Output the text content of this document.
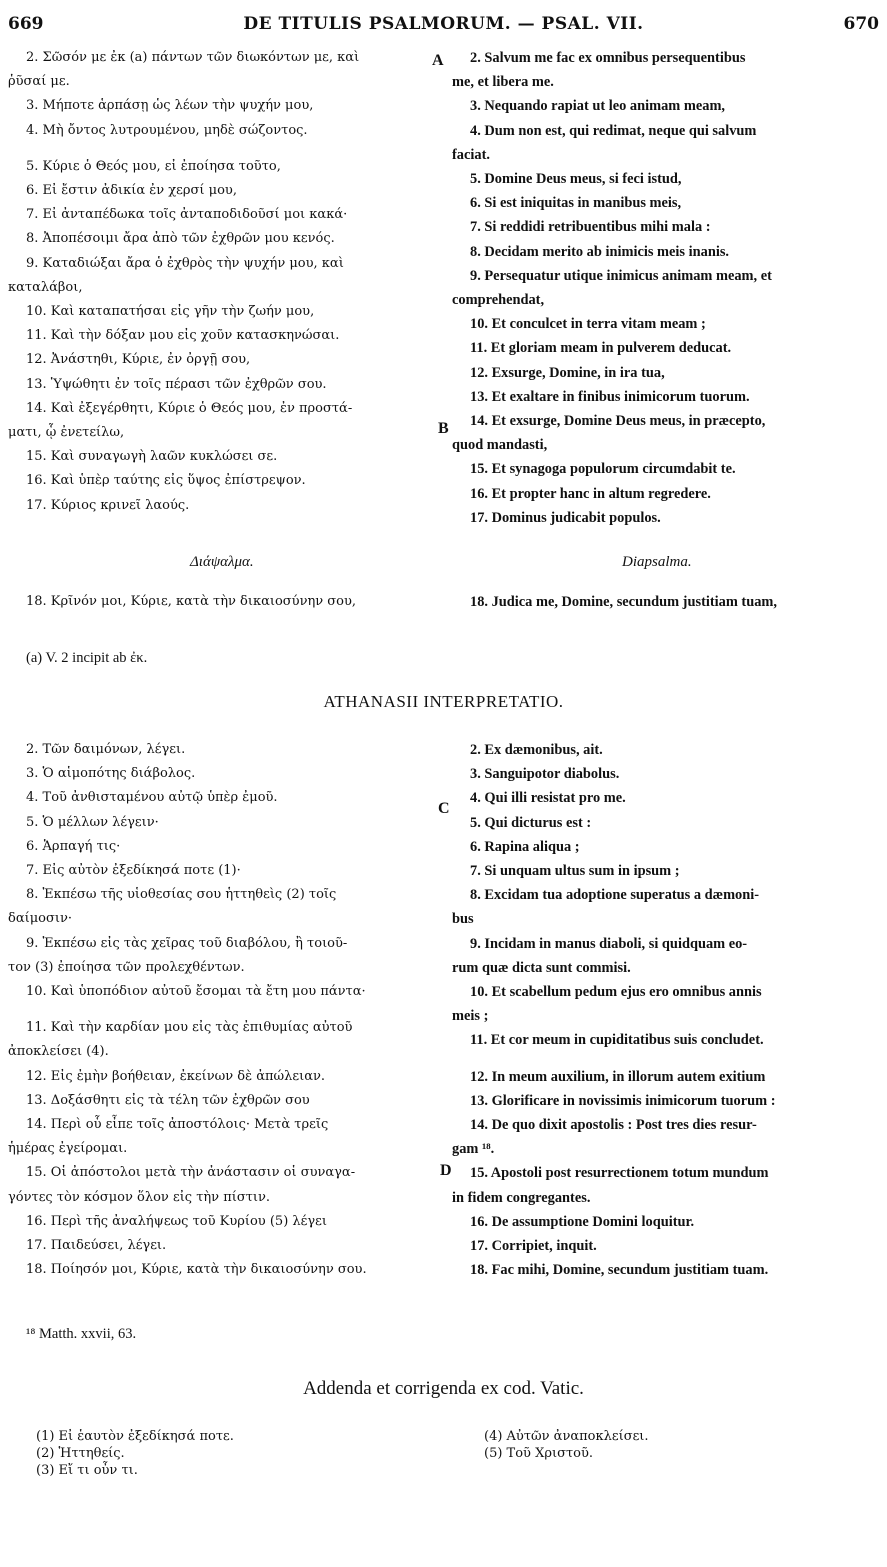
669	DE TITULIS PSALMORUM. — PSAL. VII.	670
2. Σῶσόν με ἐκ (a) πάντων τῶν διωκόντων με, καὶ
ῥῦσαί με.
3. Μήποτε ἁρπάσῃ ὡς λέων τὴν ψυχήν μου,
4. Μὴ ὄντος λυτρουμένου, μηδὲ σώζοντος.
5. Κύριε ὁ Θεός μου, εἰ ἐποίησα τοῦτο,
6. Εἰ ἔστιν ἀδικία ἐν χερσί μου,
7. Εἰ ἀνταπέδωκα τοῖς ἀνταποδιδοῦσί μοι κακά·
8. Ἀποπέσοιμι ἄρα ἀπὸ τῶν ἐχθρῶν μου κενός.
9. Καταδιώξαι ἄρα ὁ ἐχθρὸς τὴν ψυχήν μου, καὶ
καταλάβοι,
10. Καὶ καταπατήσαι εἰς γῆν τὴν ζωήν μου,
11. Καὶ τὴν δόξαν μου εἰς χοῦν κατασκηνώσαι.
12. Ἀνάστηθι, Κύριε, ἐν ὀργῇ σου,
13. Ὑψώθητι ἐν τοῖς πέρασι τῶν ἐχθρῶν σου.
14. Καὶ ἐξεγέρθητι, Κύριε ὁ Θεός μου, ἐν προστά-
ματι, ᾧ ἐνετείλω,
15. Καὶ συναγωγὴ λαῶν κυκλώσει σε.
16. Καὶ ὑπὲρ ταύτης εἰς ὕψος ἐπίστρεψον.
17. Κύριος κρινεῖ λαούς.
2. Salvum me fac ex omnibus persequentibus
me, et libera me.
3. Nequando rapiat ut leo animam meam,
4. Dum non est, qui redimat, neque qui salvum
faciat.
5. Domine Deus meus, si feci istud,
6. Si est iniquitas in manibus meis,
7. Si reddidi retribuentibus mihi mala :
8. Decidam merito ab inimicis meis inanis.
9. Persequatur utique inimicus animam meam, et
comprehendat,
10. Et conculcet in terra vitam meam ;
11. Et gloriam meam in pulverem deducat.
12. Exsurge, Domine, in ira tua,
13. Et exaltare in finibus inimicorum tuorum.
14. Et exsurge, Domine Deus meus, in præcepto,
quod mandasti,
15. Et synagoga populorum circumdabit te.
16. Et propter hanc in altum regredere.
17. Dominus judicabit populos.
A
B
Διάψαλμα.	Diapsalma.
18. Κρῖνόν μοι, Κύριε, κατὰ τὴν δικαιοσύνην σου,	18. Judica me, Domine, secundum justitiam tuam,
(a) V. 2 incipit ab ἐκ.
ATHANASII INTERPRETATIO.
2. Τῶν δαιμόνων, λέγει.
3. Ὁ αἱμοπότης διάβολος.
4. Τοῦ ἀνθισταμένου αὐτῷ ὑπὲρ ἐμοῦ.
5. Ὁ μέλλων λέγειν·
6. Ἁρπαγή τις·
7. Εἰς αὐτὸν ἐξεδίκησά ποτε (1)·
8. Ἐκπέσω τῆς υἱοθεσίας σου ἡττηθεὶς (2) τοῖς
δαίμοσιν·
9. Ἐκπέσω εἰς τὰς χεῖρας τοῦ διαβόλου, ἢ τοιοῦ-
τον (3) ἐποίησα τῶν προλεχθέντων.
10. Καὶ ὑποπόδιον αὐτοῦ ἔσομαι τὰ ἔτη μου πάντα·
11. Καὶ τὴν καρδίαν μου εἰς τὰς ἐπιθυμίας αὐτοῦ
ἀποκλείσει (4).
12. Εἰς ἐμὴν βοήθειαν, ἐκείνων δὲ ἀπώλειαν.
13. Δοξάσθητι εἰς τὰ τέλη τῶν ἐχθρῶν σου
14. Περὶ οὗ εἶπε τοῖς ἀποστόλοις· Μετὰ τρεῖς
ἡμέρας ἐγείρομαι.
15. Οἱ ἀπόστολοι μετὰ τὴν ἀνάστασιν οἱ συναγα-
γόντες τὸν κόσμον ὅλον εἰς τὴν πίστιν.
16. Περὶ τῆς ἀναλήψεως τοῦ Κυρίου (5) λέγει
17. Παιδεύσει, λέγει.
18. Ποίησόν μοι, Κύριε, κατὰ τὴν δικαιοσύνην σου.
2. Ex dæmonibus, ait.
3. Sanguipotor diabolus.
4. Qui illi resistat pro me.
5. Qui dicturus est :
6. Rapina aliqua ;
7. Si unquam ultus sum in ipsum ;
8. Excidam tua adoptione superatus a dæmoni-
bus
9. Incidam in manus diaboli, si quidquam eo-
rum quæ dicta sunt commisi.
10. Et scabellum pedum ejus ero omnibus annis
meis ;
11. Et cor meum in cupiditatibus suis concludet.
12. In meum auxilium, in illorum autem exitium
13. Glorificare in novissimis inimicorum tuorum :
14. De quo dixit apostolis : Post tres dies resur-
gam ¹⁸.
15. Apostoli post resurrectionem totum mundum
in fidem congregantes.
16. De assumptione Domini loquitur.
17. Corripiet, inquit.
18. Fac mihi, Domine, secundum justitiam tuam.
C
D
¹⁸ Matth. xxvii, 63.
Addenda et corrigenda ex cod. Vatic.
(1) Εἰ ἑαυτὸν ἐξεδίκησά ποτε.
(2) Ἡττηθείς.
(3) Εἴ τι οὖν τι.
(4) Αὐτῶν ἀναποκλείσει.
(5) Τοῦ Χριστοῦ.
